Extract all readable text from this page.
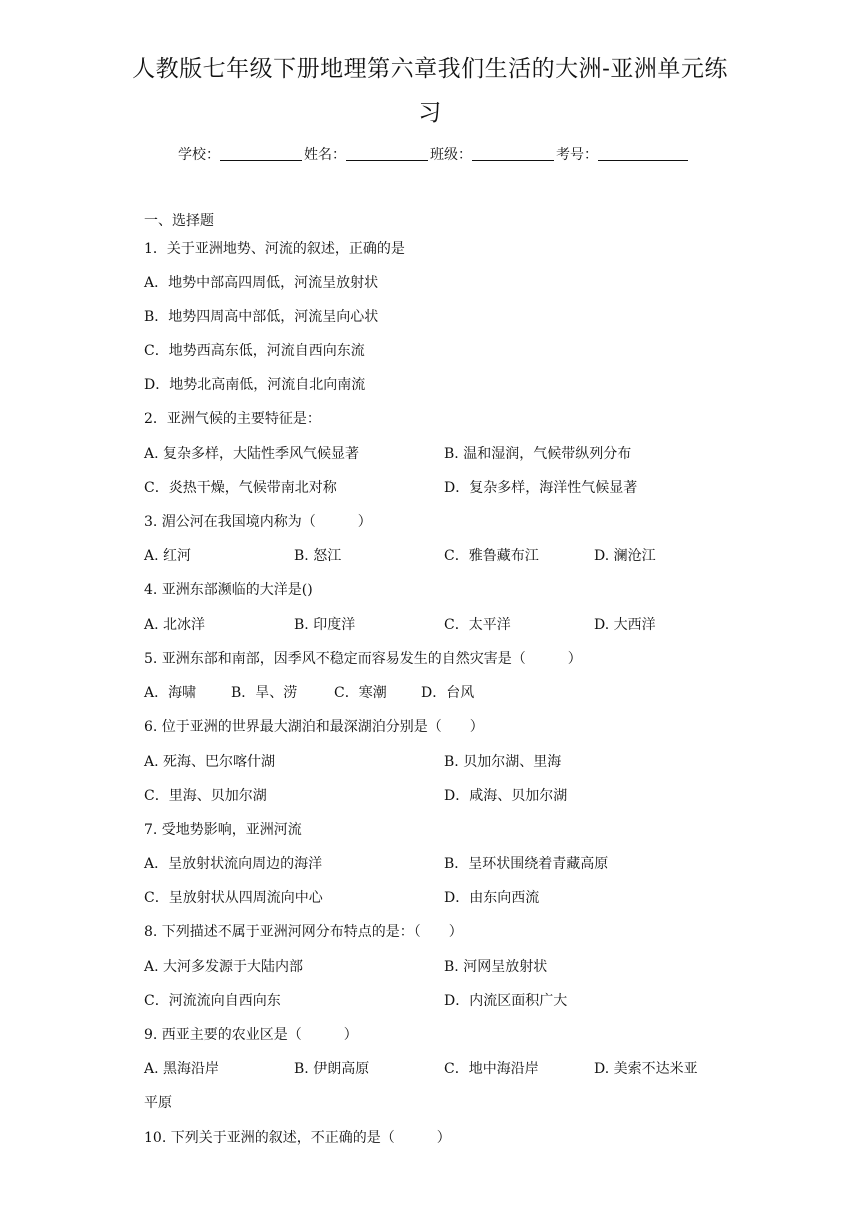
人教版七年级下册地理第六章我们生活的大洲-亚洲单元练
习
学校：	姓名：	班级：	考号：
一、选择题
1．关于亚洲地势、河流的叙述，正确的是
A．地势中部高四周低，河流呈放射状
B．地势四周高中部低，河流呈向心状
C．地势西高东低，河流自西向东流
D．地势北高南低，河流自北向南流
2．亚洲气候的主要特征是：
A. 复杂多样，大陆性季风气候显著	B. 温和湿润，气候带纵列分布
C．炎热干燥，气候带南北对称	D．复杂多样，海洋性气候显著
3. 湄公河在我国境内称为（　　　）
A. 红河	B. 怒江	C．雅鲁藏布江	D. 澜沧江
4. 亚洲东部濒临的大洋是()
A. 北冰洋	B. 印度洋	C．太平洋	D. 大西洋
5. 亚洲东部和南部，因季风不稳定而容易发生的自然灾害是（　　　）
A．海啸 B．旱、涝	C．寒潮 D．台风
6. 位于亚洲的世界最大湖泊和最深湖泊分别是（　　）
A. 死海、巴尔喀什湖	B. 贝加尔湖、里海
C．里海、贝加尔湖	D．咸海、贝加尔湖
7. 受地势影响，亚洲河流
A．呈放射状流向周边的海洋	B．呈环状围绕着青藏高原
C．呈放射状从四周流向中心	D．由东向西流
8. 下列描述不属于亚洲河网分布特点的是：（　　）
A. 大河多发源于大陆内部	B. 河网呈放射状
C．河流流向自西向东	D．内流区面积广大
9. 西亚主要的农业区是（　　　）
A. 黑海沿岸	B. 伊朗高原	C．地中海沿岸	D. 美索不达米亚
平原
10. 下列关于亚洲的叙述，不正确的是（　　　）
